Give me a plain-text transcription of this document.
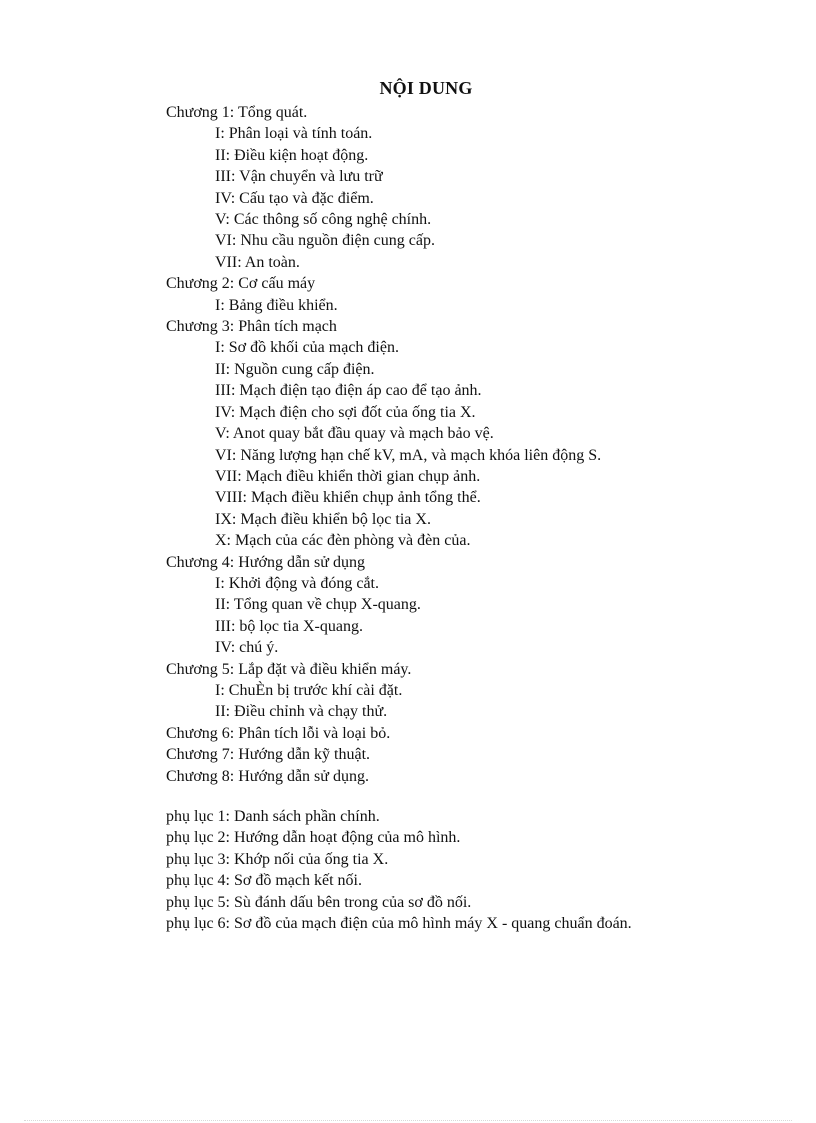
NỘI DUNG
Chương 1: Tổng quát.
I: Phân loại và tính toán.
II: Điều kiện hoạt động.
III: Vận chuyển và lưu trữ
IV: Cấu tạo và đặc điểm.
V: Các thông số công nghệ chính.
VI: Nhu cầu nguồn điện cung cấp.
VII: An toàn.
Chương 2: Cơ cấu máy
I: Bảng điều khiển.
Chương 3: Phân tích mạch
I: Sơ đồ khối của mạch điện.
II: Nguồn cung cấp điện.
III: Mạch điện tạo điện áp cao để tạo ảnh.
IV: Mạch điện cho sợi đốt của ống tia X.
V: Anot quay bắt đầu quay và mạch bảo vệ.
VI: Năng lượng hạn chế kV, mA, và mạch khóa liên động S.
VII: Mạch điều khiển thời gian chụp ảnh.
VIII: Mạch điều khiển chụp ảnh tổng thể.
IX: Mạch điều khiển bộ lọc tia X.
X: Mạch của các đèn phòng và đèn của.
Chương 4: Hướng dẫn sử dụng
I: Khởi động và đóng cắt.
II: Tổng quan về chụp X-quang.
III: bộ lọc tia X-quang.
IV: chú ý.
Chương 5: Lắp đặt và điều khiển máy.
I: ChuÈn bị trước khí cài đặt.
II: Điều chỉnh và chạy thử.
Chương 6: Phân tích lỗi và loại bỏ.
Chương 7: Hướng dẫn kỹ thuật.
Chương 8: Hướng dẫn sử dụng.
phụ lục 1: Danh sách phần chính.
phụ lục 2: Hướng dẫn hoạt động của mô hình.
phụ lục 3: Khớp nối của ống tia X.
phụ lục 4: Sơ đồ mạch kết nối.
phụ lục 5: Sù đánh dấu bên trong của sơ đồ nối.
phụ lục 6: Sơ đồ của mạch điện của mô hình máy X - quang chuẩn đoán.
